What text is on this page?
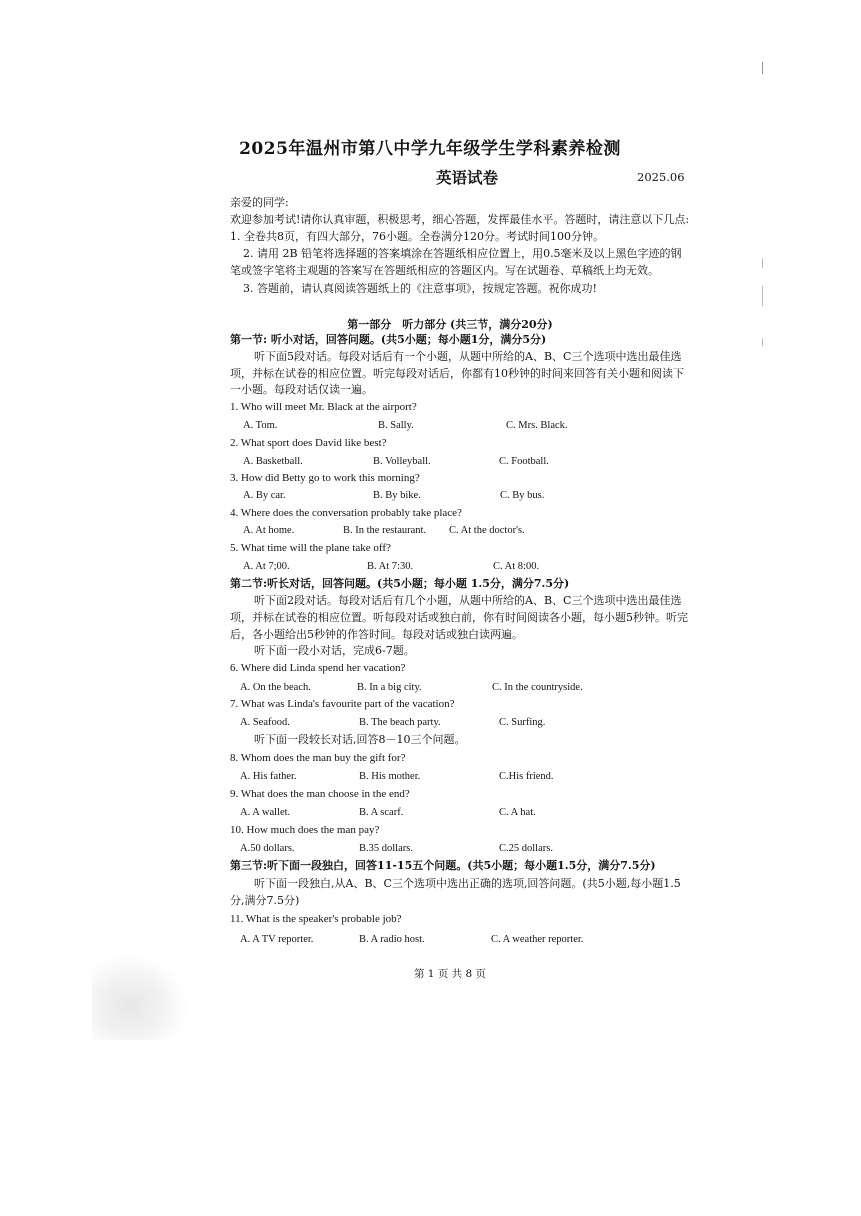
2025年温州市第八中学九年级学生学科素养检测
英语试卷	2025.06
亲爱的同学:
欢迎参加考试!请你认真审题，积极思考，细心答题，发挥最佳水平。答题时，请注意以下几点:
1. 全卷共8页，有四大部分，76小题。全卷满分120分。考试时间100分钟。
2. 请用 2B 铅笔将选择题的答案填涂在答题纸相应位置上，用0.5毫米及以上黑色字迹的钢
笔或签字笔将主观题的答案写在答题纸相应的答题区内。写在试题卷、草稿纸上均无效。
3. 答题前，请认真阅读答题纸上的《注意事项》，按规定答题。祝你成功!
第一部分　听力部分 (共三节，满分20分)
第一节: 听小对话，回答问题。(共5小题；每小题1分，满分5分)
听下面5段对话。每段对话后有一个小题，从题中所给的A、B、C三个选项中选出最佳选
项，并标在试卷的相应位置。听完每段对话后，你都有10秒钟的时间来回答有关小题和阅读下
一小题。每段对话仅读一遍。
1. Who will meet Mr. Black at the airport?
A. Tom.	B. Sally.	C. Mrs. Black.
2. What sport does David like best?
A. Basketball.	B. Volleyball.	C. Football.
3. How did Betty go to work this morning?
A. By car.	B. By bike.	C. By bus.
4. Where does the conversation probably take place?
A. At home.	B. In the restaurant. C. At the doctor's.
5. What time will the plane take off?
A. At 7;00.	B. At 7:30.	C. At 8:00.
第二节:听长对话，回答问题。(共5小题；每小题 1.5分，满分7.5分)
听下面2段对话。每段对话后有几个小题，从题中所给的A、B、C三个选项中选出最佳选
项，并标在试卷的相应位置。听每段对话或独白前，你有时间阅读各小题，每小题5秒钟。听完
后，各小题给出5秒钟的作答时间。每段对话或独白读两遍。
听下面一段小对话，完成6-7题。
6. Where did Linda spend her vacation?
A. On the beach.	B. In a big city.	C. In the countryside.
7. What was Linda's favourite part of the vacation?
A. Seafood.	B. The beach party.	C. Surfing.
听下面一段较长对话,回答8－10三个问题。
8. Whom does the man buy the gift for?
A. His father.	B. His mother.	C.His friend.
9. What does the man choose in the end?
A. A wallet.	B. A scarf.	C. A hat.
10. How much does the man pay?
A.50 dollars.	B.35 dollars.	C.25 dollars.
第三节:听下面一段独白，回答11-15五个问题。(共5小题；每小题1.5分，满分7.5分)
听下面一段独白,从A、B、C三个选项中选出正确的选项,回答问题。(共5小题,每小题1.5
分,满分7.5分)
11. What is the speaker's probable job?
A. A TV reporter.	B. A radio host.	C. A weather reporter.
第 1 页 共 8 页
